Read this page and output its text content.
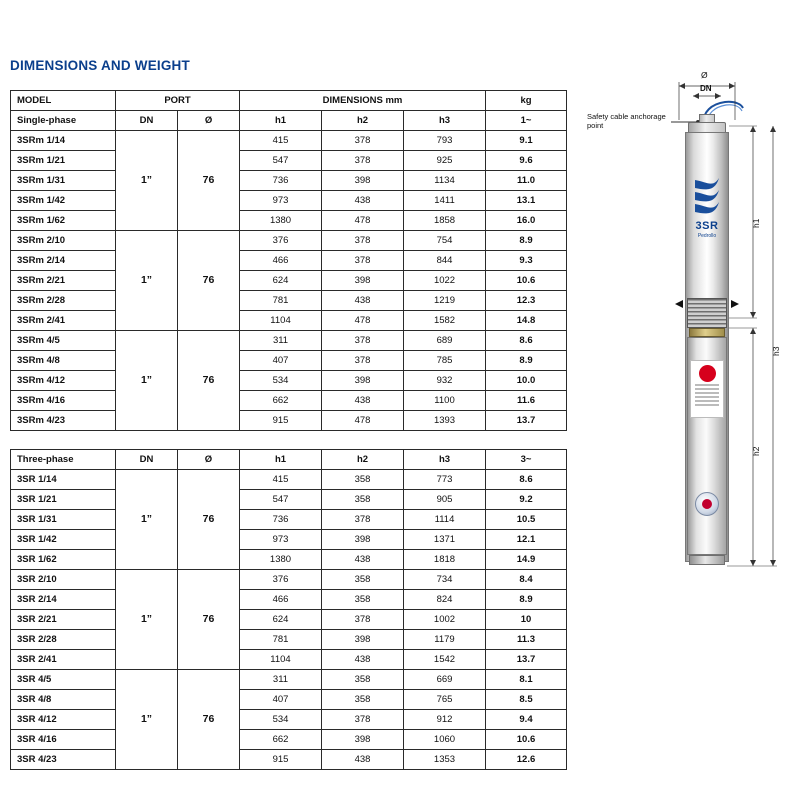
DIMENSIONS AND WEIGHT
MODEL	PORT		DIMENSIONS mm			kg
Single-phase	DN	Ø	h1	h2	h3	1~
3SRm 1/14	1”	76	415	378	793	9.1
3SRm 1/21			547	378	925	9.6
3SRm 1/31			736	398	1134	11.0
3SRm 1/42			973	438	1411	13.1
3SRm 1/62			1380	478	1858	16.0
3SRm 2/10	1”	76	376	378	754	8.9
3SRm 2/14			466	378	844	9.3
3SRm 2/21			624	398	1022	10.6
3SRm 2/28			781	438	1219	12.3
3SRm 2/41			1104	478	1582	14.8
3SRm 4/5	1”	76	311	378	689	8.6
3SRm 4/8			407	378	785	8.9
3SRm 4/12			534	398	932	10.0
3SRm 4/16			662	438	1100	11.6
3SRm 4/23			915	478	1393	13.7
Three-phase	DN	Ø	h1	h2	h3	3~
3SR 1/14	1”	76	415	358	773	8.6
3SR 1/21			547	358	905	9.2
3SR 1/31			736	378	1114	10.5
3SR 1/42			973	398	1371	12.1
3SR 1/62			1380	438	1818	14.9
3SR 2/10	1”	76	376	358	734	8.4
3SR 2/14			466	358	824	8.9
3SR 2/21			624	378	1002	10
3SR 2/28			781	398	1179	11.3
3SR 2/41			1104	438	1542	13.7
3SR 4/5	1”	76	311	358	669	8.1
3SR 4/8			407	358	765	8.5
3SR 4/12			534	378	912	9.4
3SR 4/16			662	398	1060	10.6
3SR 4/23			915	438	1353	12.6
Safety cable anchorage point
3SR
Pedrollo
Ø
DN
h1
h2
h3
